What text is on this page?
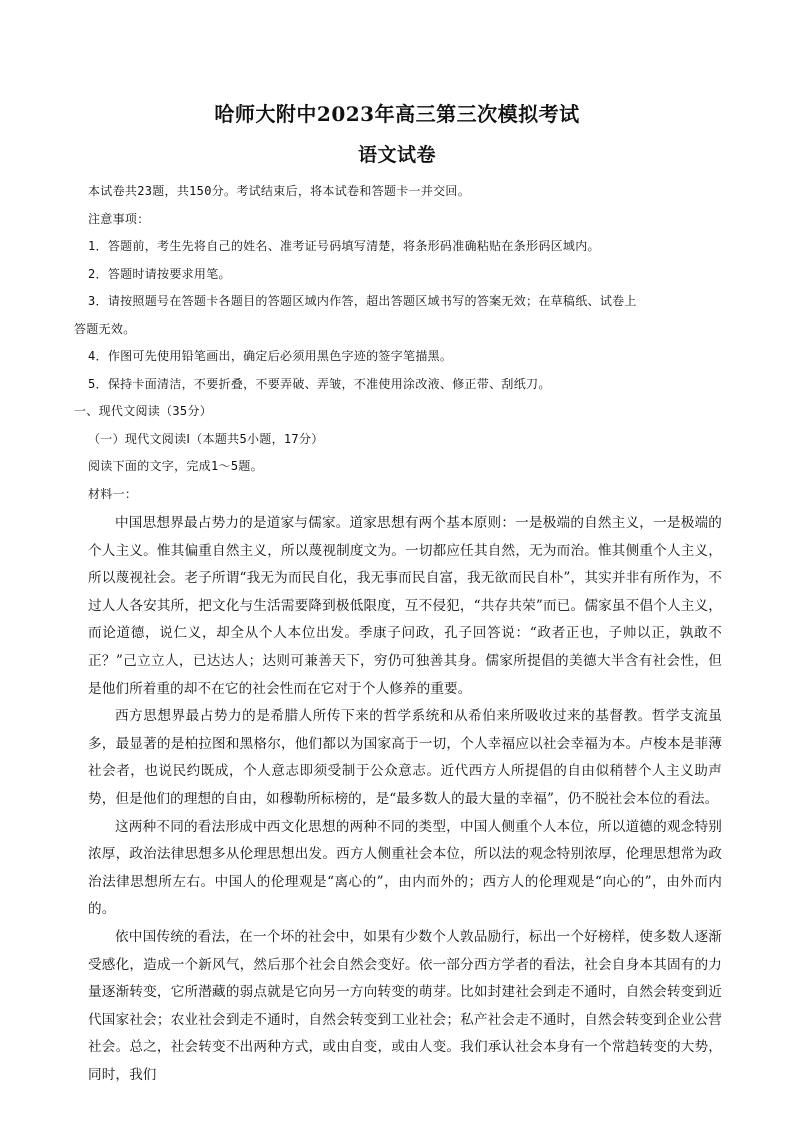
哈师大附中2023年高三第三次模拟考试
语文试卷
本试卷共23题，共150分。考试结束后，将本试卷和答题卡一并交回。
注意事项：
1．答题前，考生先将自己的姓名、准考证号码填写清楚，将条形码准确粘贴在条形码区域内。
2．答题时请按要求用笔。
3．请按照题号在答题卡各题目的答题区域内作答，超出答题区域书写的答案无效；在草稿纸、试卷上
答题无效。
4．作图可先使用铅笔画出，确定后必须用黑色字迹的签字笔描黑。
5．保持卡面清洁，不要折叠，不要弄破、弄皱，不准使用涂改液、修正带、刮纸刀。
一、现代文阅读（35分）
（一）现代文阅读Ⅰ（本题共5小题，17分）
阅读下面的文字，完成1～5题。
材料一：

中国思想界最占势力的是道家与儒家。道家思想有两个基本原则：一是极端的自然主义，一是极端的个人主义。惟其偏重自然主义，所以蔑视制度文为。一切都应任其自然，无为而治。惟其侧重个人主义，所以蔑视社会。老子所谓“我无为而民自化，我无事而民自富，我无欲而民自朴”，其实并非有所作为，不过人人各安其所，把文化与生活需要降到极低限度，互不侵犯，“共存共荣”而已。儒家虽不倡个人主义，而论道德，说仁义，却全从个人本位出发。季康子问政，孔子回答说：“政者正也，子帅以正，孰敢不正？”己立立人，已达达人；达则可兼善天下，穷仍可独善其身。儒家所提倡的美德大半含有社会性，但是他们所着重的却不在它的社会性而在它对于个人修养的重要。

西方思想界最占势力的是希腊人所传下来的哲学系统和从希伯来所吸收过来的基督教。哲学支流虽多，最显著的是柏拉图和黑格尔，他们都以为国家高于一切，个人幸福应以社会幸福为本。卢梭本是菲薄社会者，也说民约既成，个人意志即须受制于公众意志。近代西方人所提倡的自由似稍替个人主义助声势，但是他们的理想的自由，如穆勒所标榜的，是“最多数人的最大量的幸福”，仍不脱社会本位的看法。

这两种不同的看法形成中西文化思想的两种不同的类型，中国人侧重个人本位，所以道德的观念特别浓厚，政治法律思想多从伦理思想出发。西方人侧重社会本位，所以法的观念特别浓厚，伦理思想常为政治法律思想所左右。中国人的伦理观是“离心的”，由内而外的；西方人的伦理观是“向心的”，由外而内的。

依中国传统的看法，在一个坏的社会中，如果有少数个人敦品励行，标出一个好榜样，使多数人逐渐受感化，造成一个新风气，然后那个社会自然会变好。依一部分西方学者的看法，社会自身本其固有的力量逐渐转变，它所潜藏的弱点就是它向另一方向转变的萌芽。比如封建社会到走不通时，自然会转变到近代国家社会；农业社会到走不通时，自然会转变到工业社会；私产社会走不通时，自然会转变到企业公营社会。总之，社会转变不出两种方式，或由自变，或由人变。我们承认社会本身有一个常趋转变的大势，同时，我们
